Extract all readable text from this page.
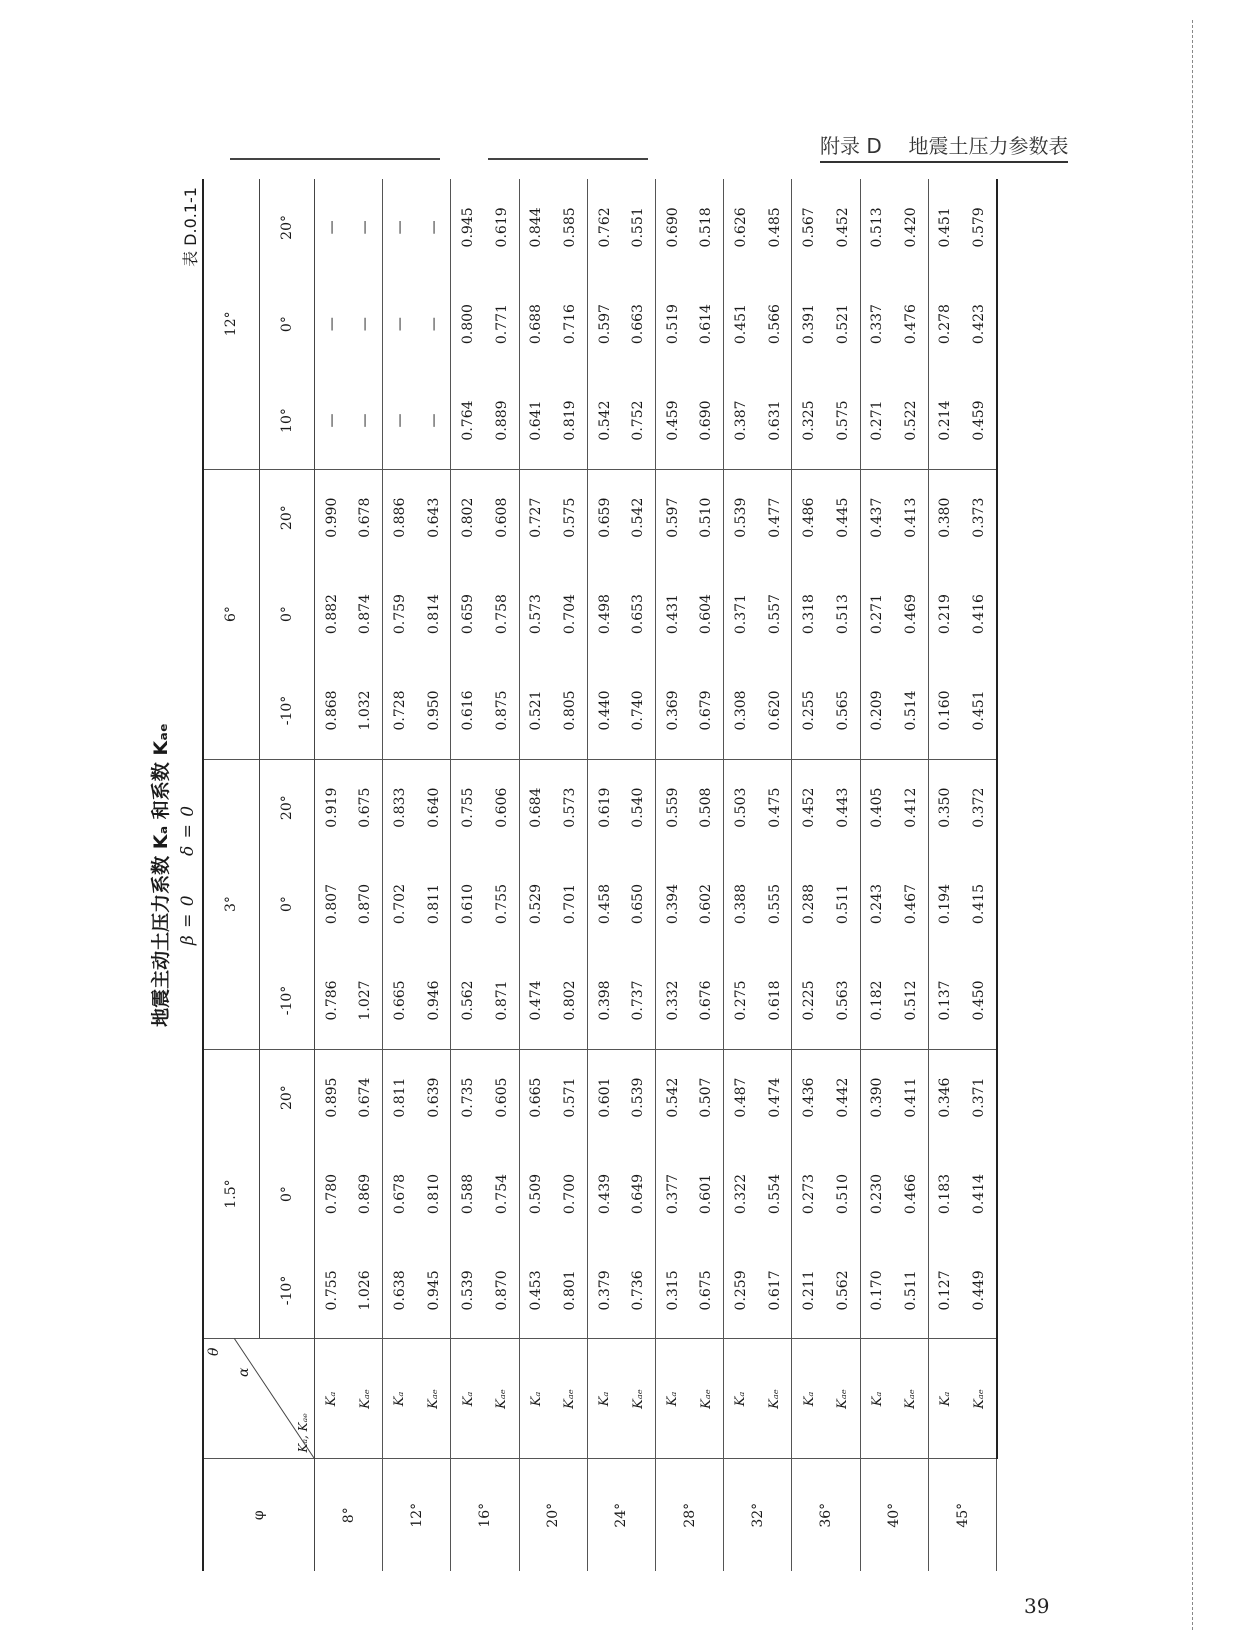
附录 D 地震土压力参数表
39
地震主动土压力系数 Kₐ 和系数 Kₐₑ β = 0      δ = 0
表 D.0.1-1
φ	θ
α
Kₐ, Kₐₑ	1.5°			3°			6°			12°		
		-10°	0°	20°	-10°	0°	20°	-10°	0°	20°	10°	0°	20°
8°	Kₐ	0.755	0.780	0.895	0.786	0.807	0.919	0.868	0.882	0.990	—	—	—
	Kₐₑ	1.026	0.869	0.674	1.027	0.870	0.675	1.032	0.874	0.678	—	—	—
12°	Kₐ	0.638	0.678	0.811	0.665	0.702	0.833	0.728	0.759	0.886	—	—	—
	Kₐₑ	0.945	0.810	0.639	0.946	0.811	0.640	0.950	0.814	0.643	—	—	—
16°	Kₐ	0.539	0.588	0.735	0.562	0.610	0.755	0.616	0.659	0.802	0.764	0.800	0.945
	Kₐₑ	0.870	0.754	0.605	0.871	0.755	0.606	0.875	0.758	0.608	0.889	0.771	0.619
20°	Kₐ	0.453	0.509	0.665	0.474	0.529	0.684	0.521	0.573	0.727	0.641	0.688	0.844
	Kₐₑ	0.801	0.700	0.571	0.802	0.701	0.573	0.805	0.704	0.575	0.819	0.716	0.585
24°	Kₐ	0.379	0.439	0.601	0.398	0.458	0.619	0.440	0.498	0.659	0.542	0.597	0.762
	Kₐₑ	0.736	0.649	0.539	0.737	0.650	0.540	0.740	0.653	0.542	0.752	0.663	0.551
28°	Kₐ	0.315	0.377	0.542	0.332	0.394	0.559	0.369	0.431	0.597	0.459	0.519	0.690
	Kₐₑ	0.675	0.601	0.507	0.676	0.602	0.508	0.679	0.604	0.510	0.690	0.614	0.518
32°	Kₐ	0.259	0.322	0.487	0.275	0.388	0.503	0.308	0.371	0.539	0.387	0.451	0.626
	Kₐₑ	0.617	0.554	0.474	0.618	0.555	0.475	0.620	0.557	0.477	0.631	0.566	0.485
36°	Kₐ	0.211	0.273	0.436	0.225	0.288	0.452	0.255	0.318	0.486	0.325	0.391	0.567
	Kₐₑ	0.562	0.510	0.442	0.563	0.511	0.443	0.565	0.513	0.445	0.575	0.521	0.452
40°	Kₐ	0.170	0.230	0.390	0.182	0.243	0.405	0.209	0.271	0.437	0.271	0.337	0.513
	Kₐₑ	0.511	0.466	0.411	0.512	0.467	0.412	0.514	0.469	0.413	0.522	0.476	0.420
45°	Kₐ	0.127	0.183	0.346	0.137	0.194	0.350	0.160	0.219	0.380	0.214	0.278	0.451
	Kₐₑ	0.449	0.414	0.371	0.450	0.415	0.372	0.451	0.416	0.373	0.459	0.423	0.579
